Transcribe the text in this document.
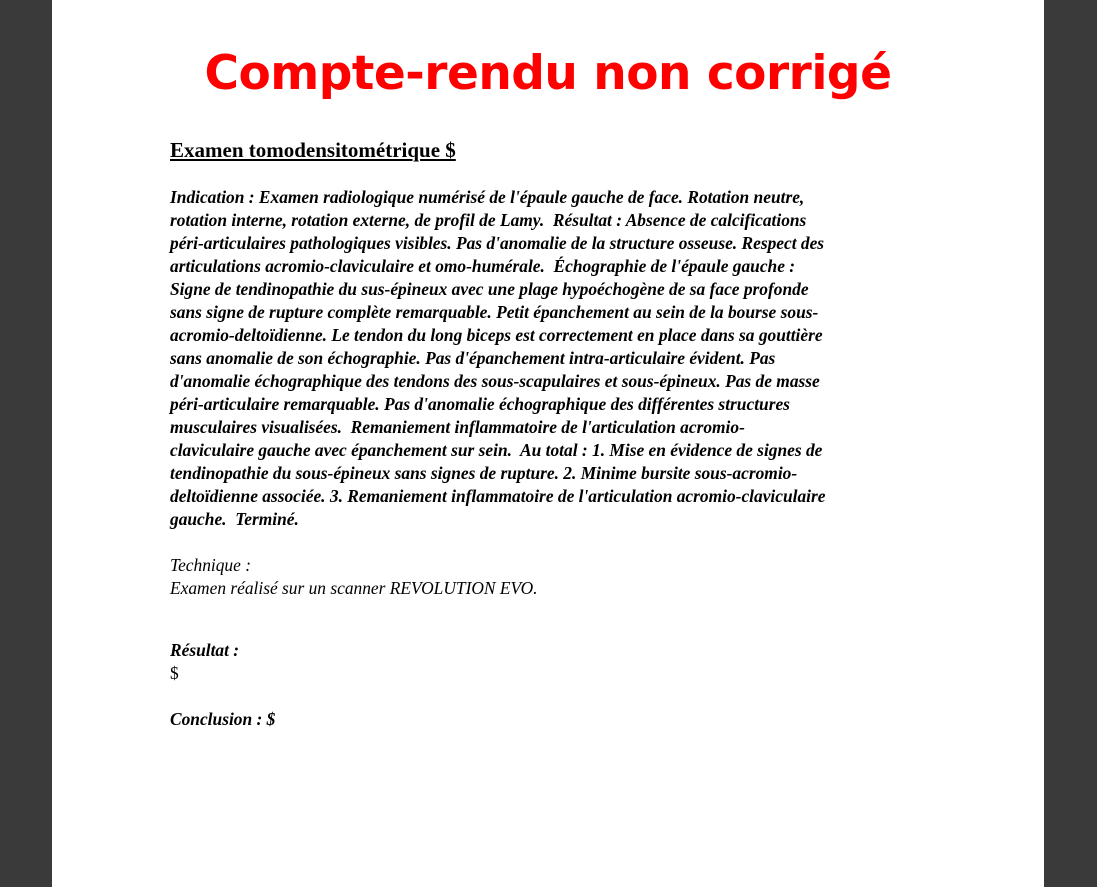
Compte-rendu non corrigé

Examen tomodensitométrique $

Indication : Examen radiologique numérisé de l'épaule gauche de face. Rotation neutre,
rotation interne, rotation externe, de profil de Lamy.  Résultat : Absence de calcifications
péri-articulaires pathologiques visibles. Pas d'anomalie de la structure osseuse. Respect des
articulations acromio-claviculaire et omo-humérale.  Échographie de l'épaule gauche :
Signe de tendinopathie du sus-épineux avec une plage hypoéchogène de sa face profonde
sans signe de rupture complète remarquable. Petit épanchement au sein de la bourse sous-
acromio-deltoïdienne. Le tendon du long biceps est correctement en place dans sa gouttière
sans anomalie de son échographie. Pas d'épanchement intra-articulaire évident. Pas
d'anomalie échographique des tendons des sous-scapulaires et sous-épineux. Pas de masse
péri-articulaire remarquable. Pas d'anomalie échographique des différentes structures
musculaires visualisées.  Remaniement inflammatoire de l'articulation acromio-
claviculaire gauche avec épanchement sur sein.  Au total : 1. Mise en évidence de signes de
tendinopathie du sous-épineux sans signes de rupture. 2. Minime bursite sous-acromio-
deltoïdienne associée. 3. Remaniement inflammatoire de l'articulation acromio-claviculaire
gauche.  Terminé.

Technique :
Examen réalisé sur un scanner REVOLUTION EVO.
Résultat :
$
Conclusion : $
